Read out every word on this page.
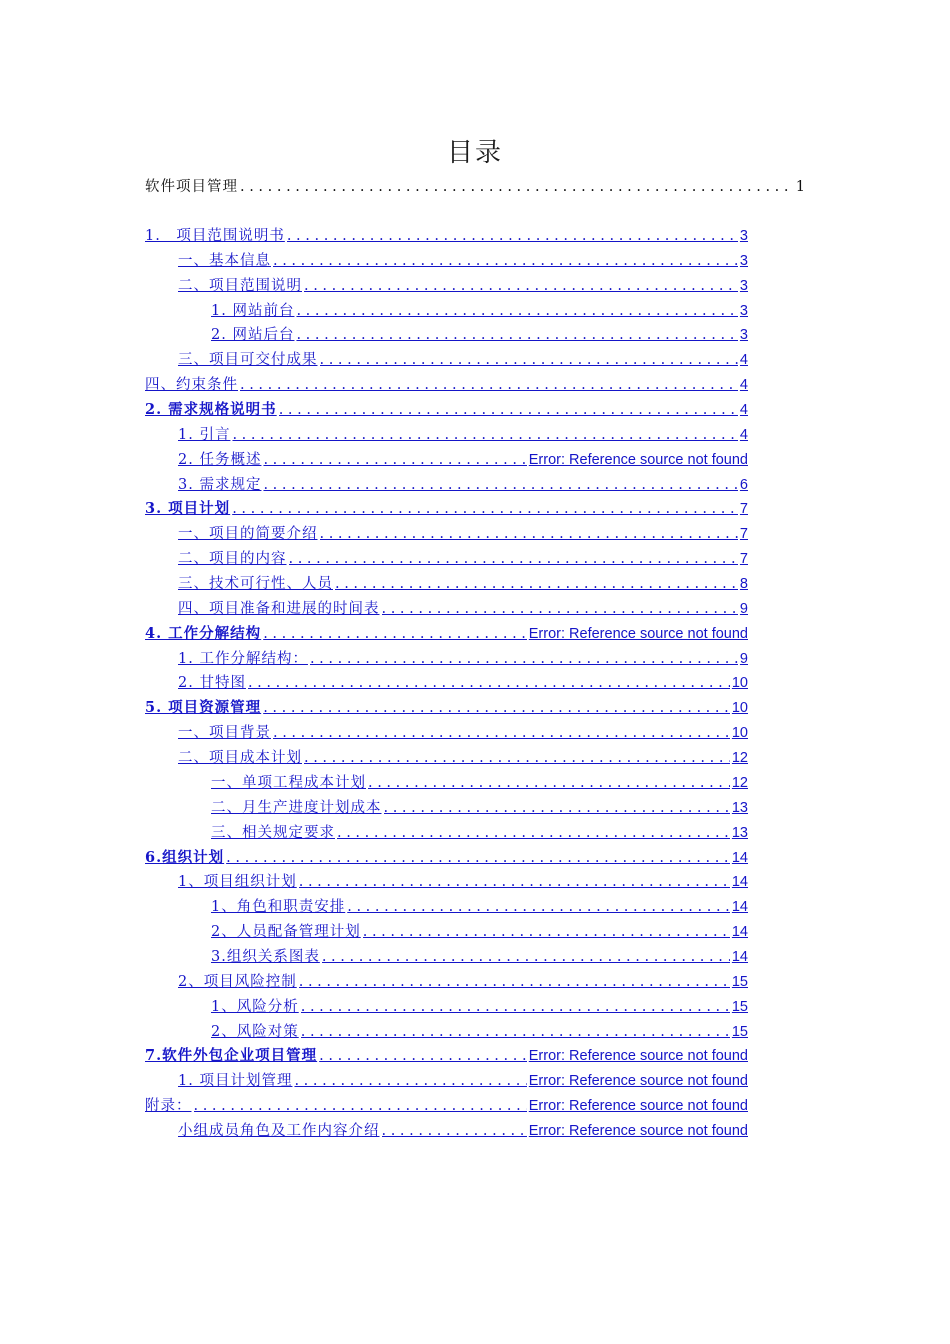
目录
软件项目管理 . . .	1
1.　项目范围说明书 . . .	3
一、基本信息 . . .	3
二、项目范围说明 . . .	3
1. 网站前台 . . .	3
2. 网站后台 . . .	3
三、项目可交付成果 . . .	4
四、约束条件 . . .	4
2. 需求规格说明书 . . .	4
1. 引言 . . .	4
2. 任务概述 . . .	Error: Reference source not found
3. 需求规定 . . .	6
3. 项目计划 . . .	7
一、项目的简要介绍 . . .	7
二、项目的内容 . . .	7
三、技术可行性、人员 . . .	8
四、项目准备和进展的时间表 . . .	9
4. 工作分解结构 . . .	Error: Reference source not found
1. 工作分解结构： . . .	9
2. 甘特图 . . .	10
5. 项目资源管理 . . .	10
一、项目背景 . . .	10
二、项目成本计划 . . .	12
一、单项工程成本计划 . . .	12
二、月生产进度计划成本 . . .	13
三、相关规定要求 . . .	13
6.组织计划 . . .	14
1、项目组织计划 . . .	14
1、角色和职责安排 . . .	14
2、人员配备管理计划 . . .	14
3.组织关系图表 . . .	14
2、项目风险控制 . . .	15
1、风险分析 . . .	15
2、风险对策 . . .	15
7.软件外包企业项目管理 . . .	Error: Reference source not found
1. 项目计划管理 . . .	Error: Reference source not found
附录： . . .	Error: Reference source not found
小组成员角色及工作内容介绍 . . .	Error: Reference source not found
